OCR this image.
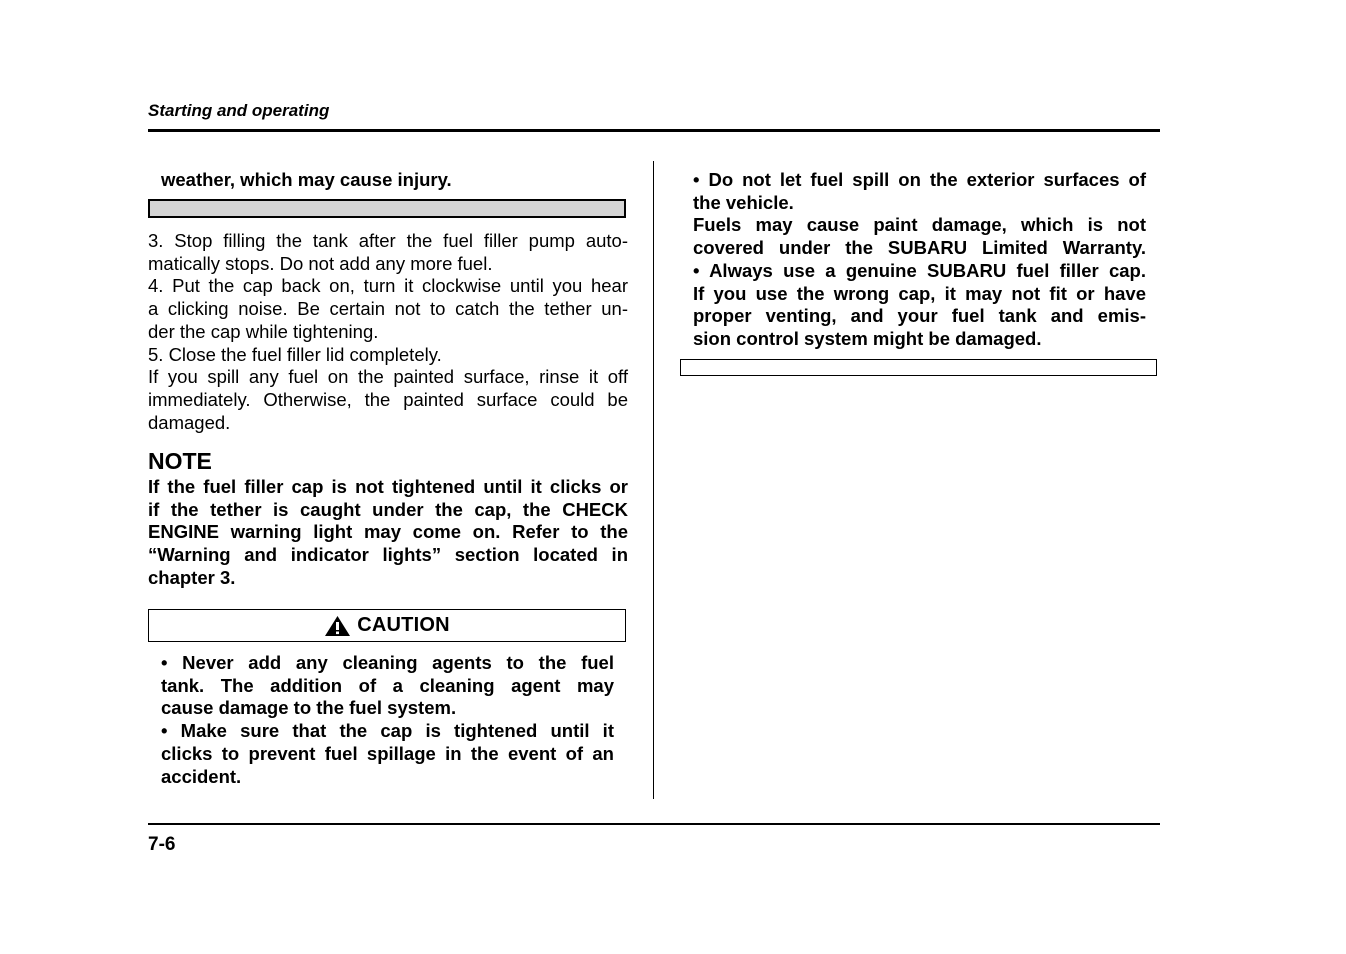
Starting and operating
weather, which may cause injury.
3. Stop filling the tank after the fuel filler pump auto-
matically stops. Do not add any more fuel.
4. Put the cap back on, turn it clockwise until you hear
a clicking noise. Be certain not to catch the tether un-
der the cap while tightening.
5. Close the fuel filler lid completely.
If you spill any fuel on the painted surface, rinse it off
immediately. Otherwise, the painted surface could be
damaged.
NOTE
If the fuel filler cap is not tightened until it clicks or
if the tether is caught under the cap, the CHECK
ENGINE warning light may come on. Refer to the
“Warning and indicator lights” section located in
chapter 3.
CAUTION
• Never add any cleaning agents to the fuel
tank. The addition of a cleaning agent may
cause damage to the fuel system.
• Make sure that the cap is tightened until it
clicks to prevent fuel spillage in the event of an
accident.
• Do not let fuel spill on the exterior surfaces of
the vehicle.
Fuels may cause paint damage, which is not
covered under the SUBARU Limited Warranty.
• Always use a genuine SUBARU fuel filler cap.
If you use the wrong cap, it may not fit or have
proper venting, and your fuel tank and emis-
sion control system might be damaged.
7-6
